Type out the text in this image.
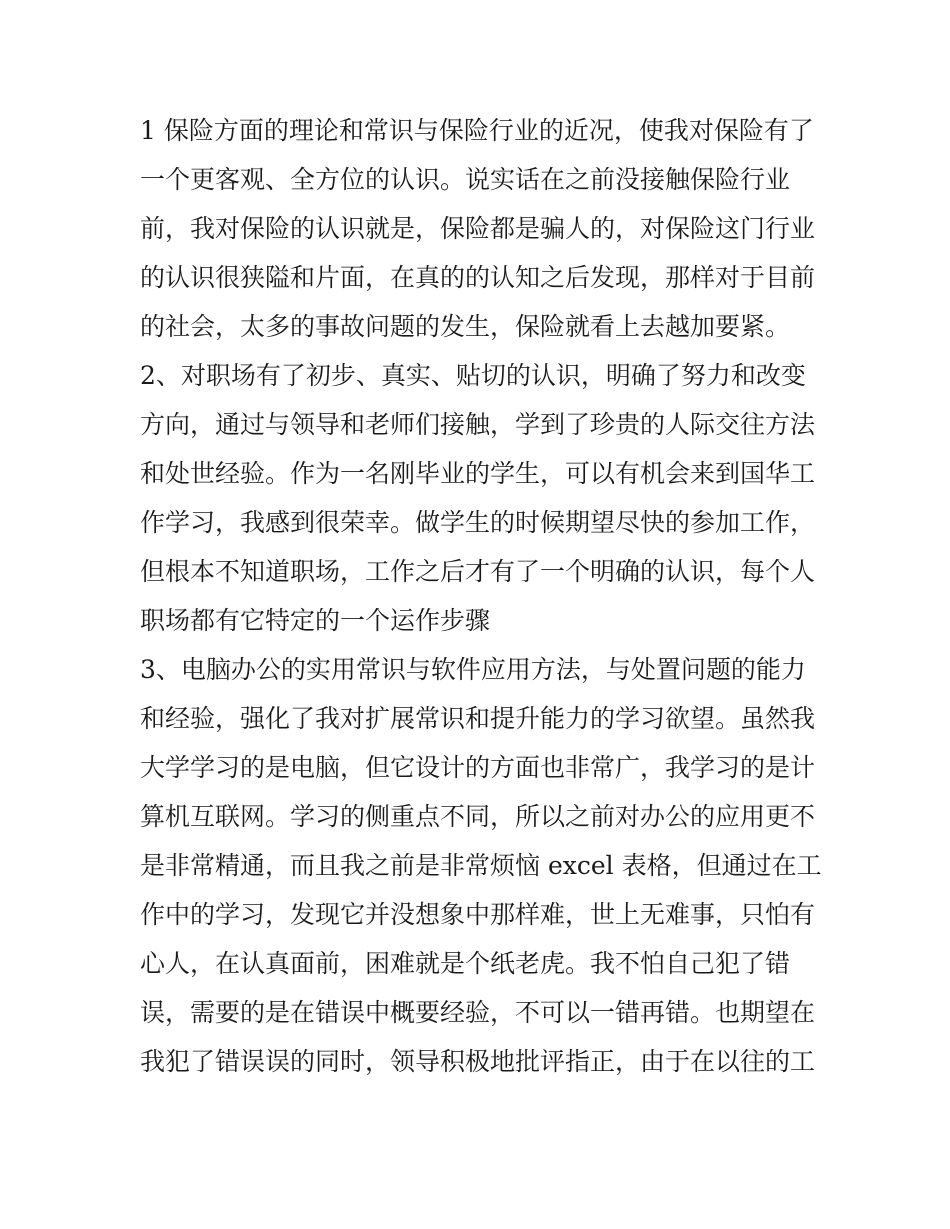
1 保险方面的理论和常识与保险行业的近况，使我对保险有了

一个更客观、全方位的认识。说实话在之前没接触保险行业

前，我对保险的认识就是，保险都是骗人的，对保险这门行业

的认识很狭隘和片面，在真的的认知之后发现，那样对于目前

的社会，太多的事故问题的发生，保险就看上去越加要紧。

2、对职场有了初步、真实、贴切的认识，明确了努力和改变

方向，通过与领导和老师们接触，学到了珍贵的人际交往方法

和处世经验。作为一名刚毕业的学生，可以有机会来到国华工

作学习，我感到很荣幸。做学生的时候期望尽快的参加工作，

但根本不知道职场，工作之后才有了一个明确的认识，每个人

职场都有它特定的一个运作步骤

3、电脑办公的实用常识与软件应用方法，与处置问题的能力

和经验，强化了我对扩展常识和提升能力的学习欲望。虽然我

大学学习的是电脑，但它设计的方面也非常广，我学习的是计

算机互联网。学习的侧重点不同，所以之前对办公的应用更不

是非常精通，而且我之前是非常烦恼 excel 表格，但通过在工

作中的学习，发现它并没想象中那样难，世上无难事，只怕有

心人，在认真面前，困难就是个纸老虎。我不怕自己犯了错

误，需要的是在错误中概要经验，不可以一错再错。也期望在

我犯了错误误的同时，领导积极地批评指正，由于在以往的工
